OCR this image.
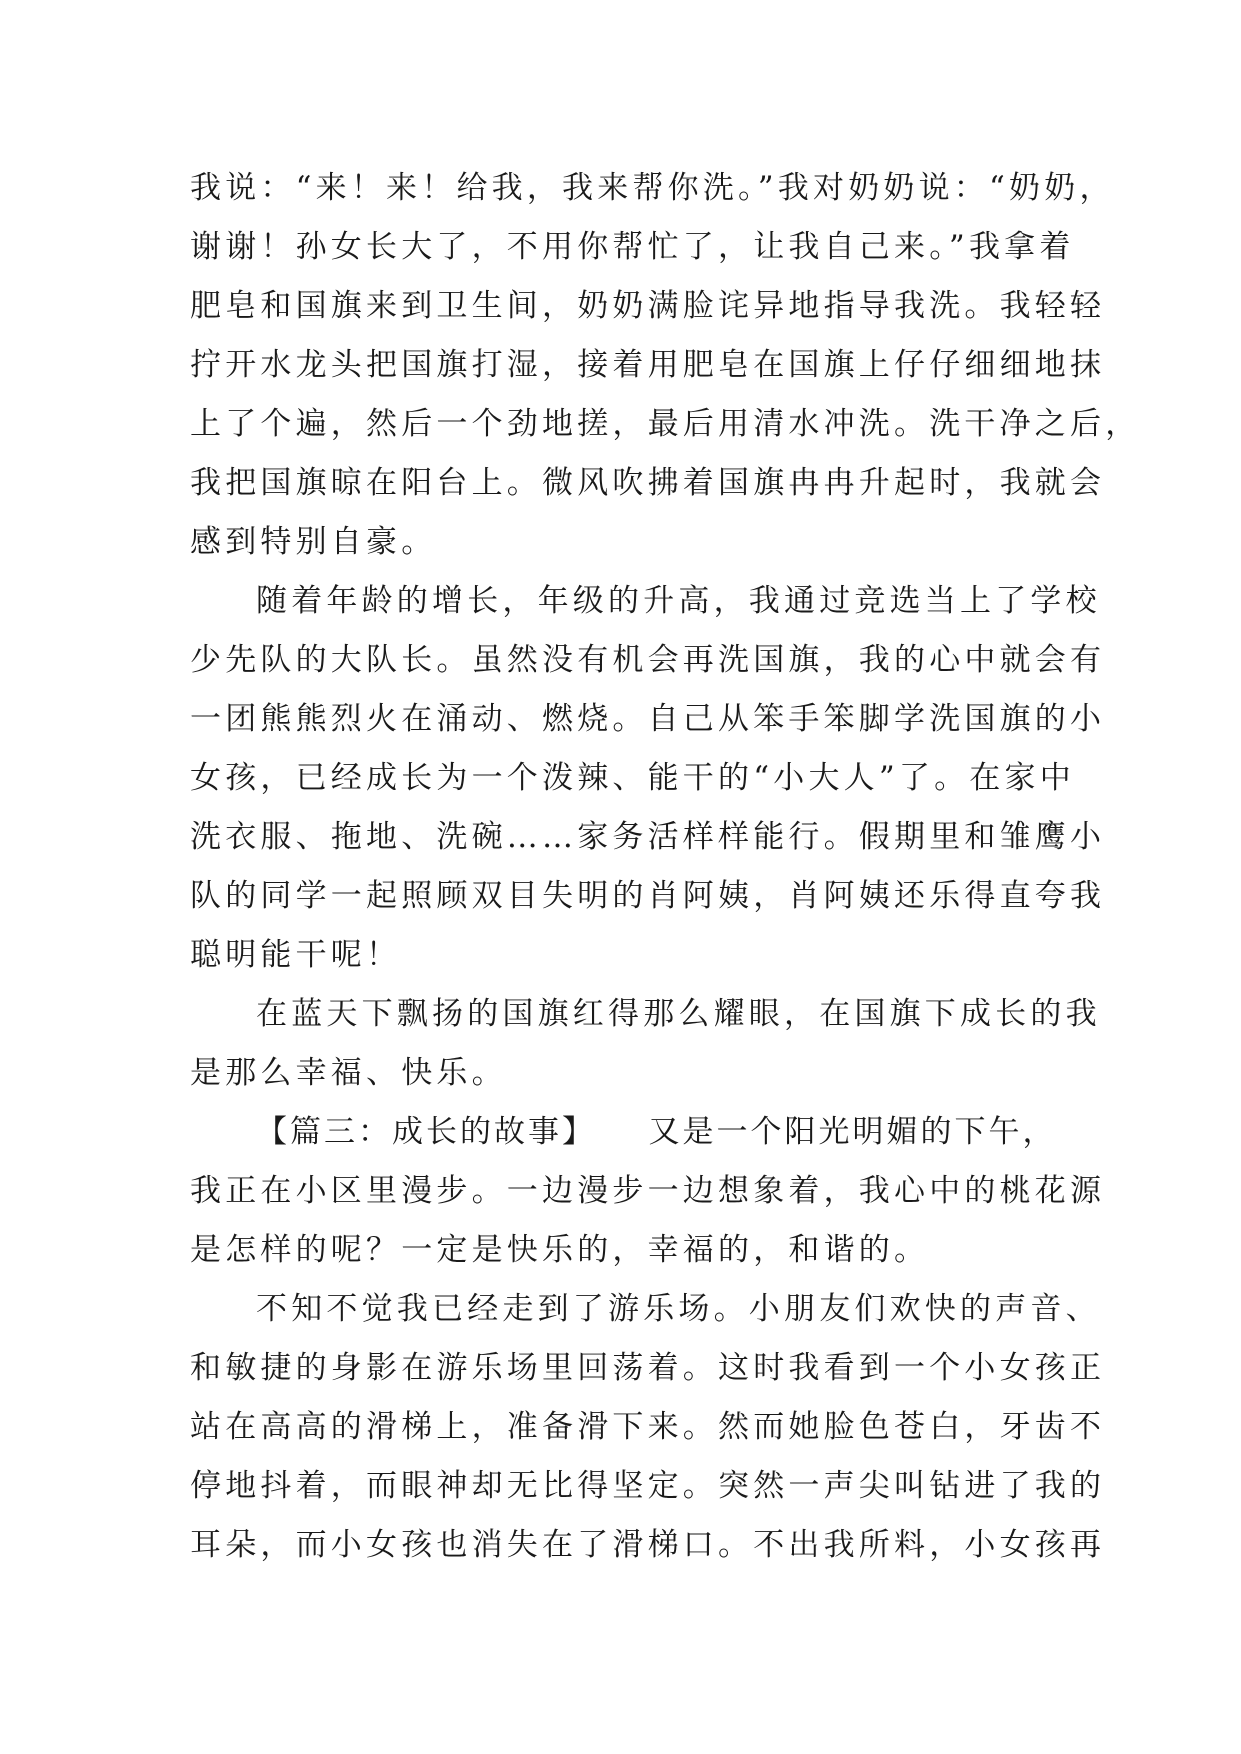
我说：“来！来！给我，我来帮你洗。”我对奶奶说：“奶奶，
谢谢！孙女长大了，不用你帮忙了，让我自己来。”我拿着
肥皂和国旗来到卫生间，奶奶满脸诧异地指导我洗。我轻轻
拧开水龙头把国旗打湿，接着用肥皂在国旗上仔仔细细地抹
上了个遍，然后一个劲地搓，最后用清水冲洗。洗干净之后，
我把国旗晾在阳台上。微风吹拂着国旗冉冉升起时，我就会
感到特别自豪。
随着年龄的增长，年级的升高，我通过竞选当上了学校
少先队的大队长。虽然没有机会再洗国旗，我的心中就会有
一团熊熊烈火在涌动、燃烧。自己从笨手笨脚学洗国旗的小
女孩，已经成长为一个泼辣、能干的“小大人”了。在家中
洗衣服、拖地、洗碗……家务活样样能行。假期里和雏鹰小
队的同学一起照顾双目失明的肖阿姨，肖阿姨还乐得直夸我
聪明能干呢！
在蓝天下飘扬的国旗红得那么耀眼，在国旗下成长的我
是那么幸福、快乐。
【篇三：成长的故事】　　又是一个阳光明媚的下午，
我正在小区里漫步。一边漫步一边想象着，我心中的桃花源
是怎样的呢？一定是快乐的，幸福的，和谐的。
不知不觉我已经走到了游乐场。小朋友们欢快的声音、
和敏捷的身影在游乐场里回荡着。这时我看到一个小女孩正
站在高高的滑梯上，准备滑下来。然而她脸色苍白，牙齿不
停地抖着，而眼神却无比得坚定。突然一声尖叫钻进了我的
耳朵，而小女孩也消失在了滑梯口。不出我所料，小女孩再
